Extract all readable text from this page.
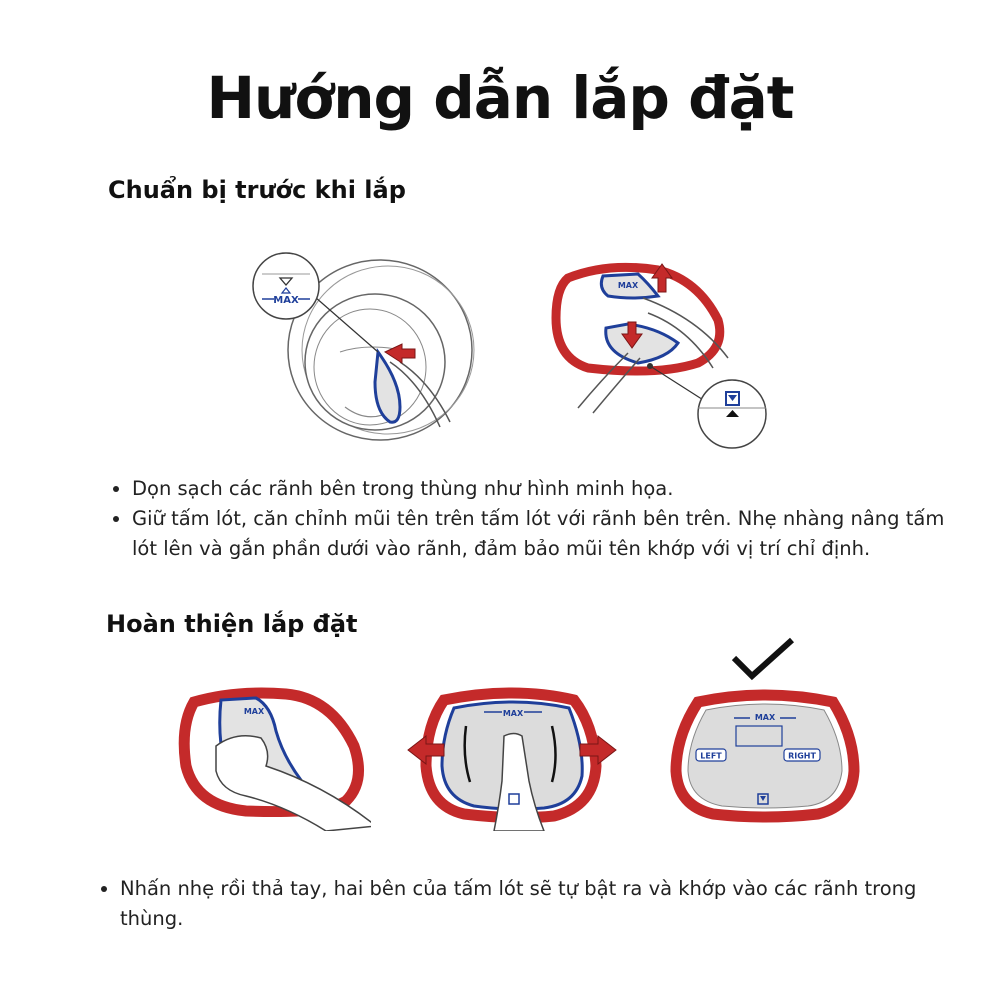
Hướng dẫn lắp đặt
Chuẩn bị trước khi lắp
MAX
MAX
• Dọn sạch các rãnh bên trong thùng như hình minh họa.
• Giữ tấm lót, căn chỉnh mũi tên trên tấm lót với rãnh bên trên. Nhẹ nhàng nâng tấm lót lên và gắn phần dưới vào rãnh, đảm bảo mũi tên khớp với vị trí chỉ định.
Hoàn thiện lắp đặt
MAX	MAX	MAX
LEFT	RIGHT
• Nhấn nhẹ rồi thả tay, hai bên của tấm lót sẽ tự bật ra và khớp vào các rãnh trong thùng.
